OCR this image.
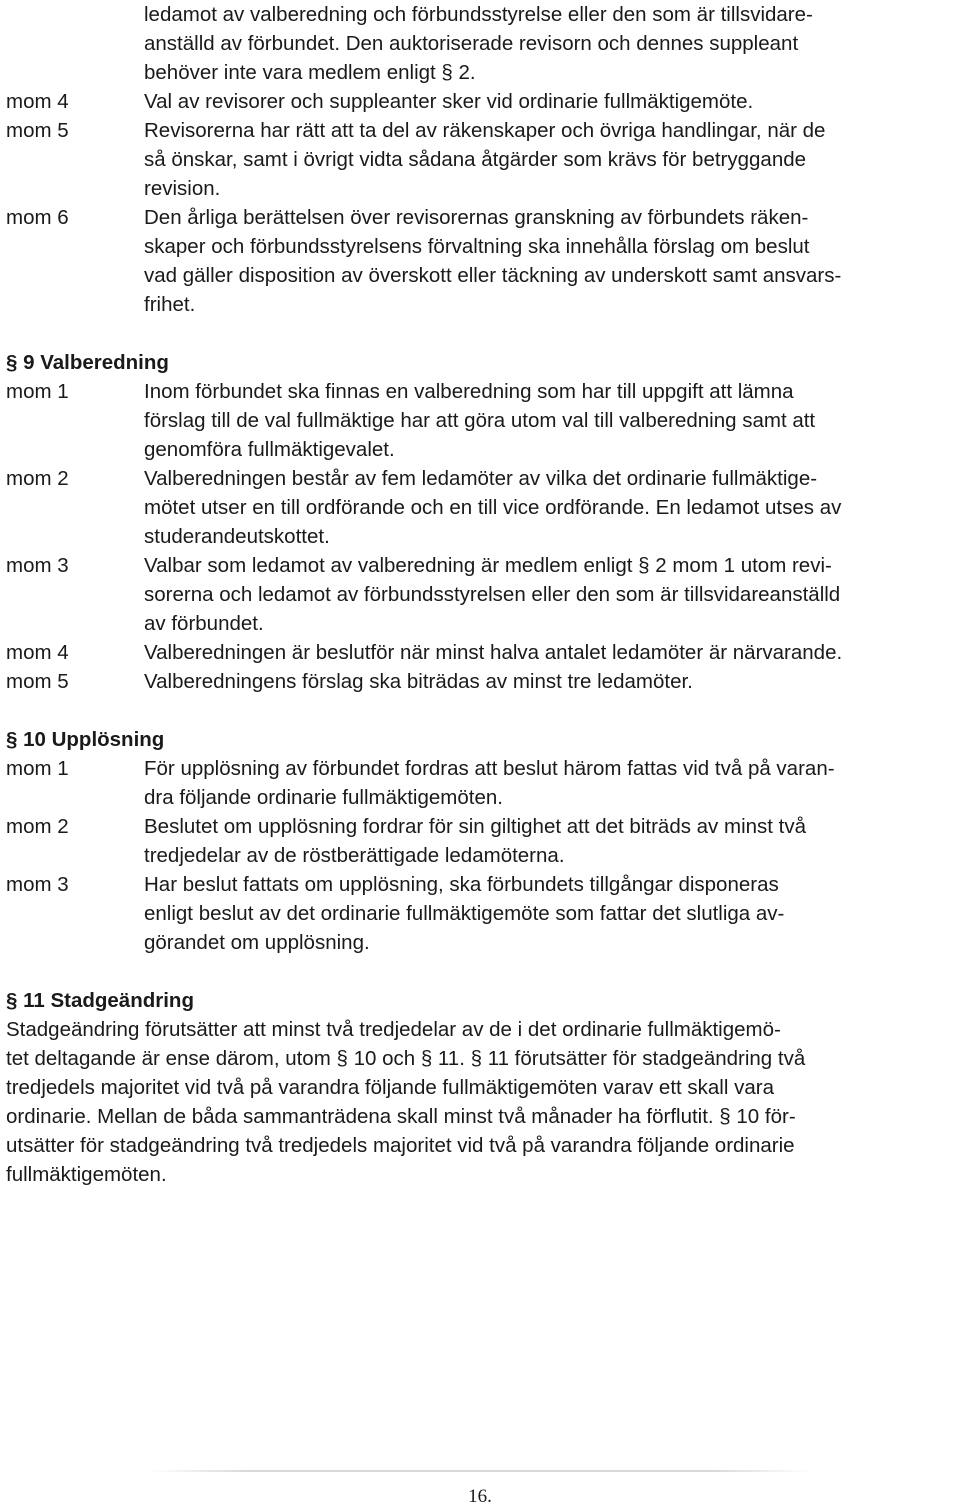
ledamot av valberedning och förbundsstyrelse eller den som är tillsvidare-
anställd av förbundet. Den auktoriserade revisorn och dennes suppleant
behöver inte vara medlem enligt § 2.
mom 4	Val av revisorer och suppleanter sker vid ordinarie fullmäktigemöte.
mom 5	Revisorerna har rätt att ta del av räkenskaper och övriga handlingar, när de
så önskar, samt i övrigt vidta sådana åtgärder som krävs för betryggande
revision.
mom 6	Den årliga berättelsen över revisorernas granskning av förbundets räken-
skaper och förbundsstyrelsens förvaltning ska innehålla förslag om beslut
vad gäller disposition av överskott eller täckning av underskott samt ansvars-
frihet.
§ 9 Valberedning
mom 1	Inom förbundet ska finnas en valberedning som har till uppgift att lämna
förslag till de val fullmäktige har att göra utom val till valberedning samt att
genomföra fullmäktigevalet.
mom 2	Valberedningen består av fem ledamöter av vilka det ordinarie fullmäktige-
mötet utser en till ordförande och en till vice ordförande. En ledamot utses av
studerandeutskottet.
mom 3	Valbar som ledamot av valberedning är medlem enligt § 2 mom 1 utom revi-
sorerna och ledamot av förbundsstyrelsen eller den som är tillsvidareanställd
av förbundet.
mom 4	Valberedningen är beslutför när minst halva antalet ledamöter är närvarande.
mom 5	Valberedningens förslag ska biträdas av minst tre ledamöter.
§ 10 Upplösning
mom 1	För upplösning av förbundet fordras att beslut härom fattas vid två på varan-
dra följande ordinarie fullmäktigemöten.
mom 2	Beslutet om upplösning fordrar för sin giltighet att det biträds av minst två
tredjedelar av de röstberättigade ledamöterna.
mom 3	Har beslut fattats om upplösning, ska förbundets tillgångar disponeras
enligt beslut av det ordinarie fullmäktigemöte som fattar det slutliga av-
görandet om upplösning.
§ 11 Stadgeändring
Stadgeändring förutsätter att minst två tredjedelar av de i det ordinarie fullmäktigemö-
tet deltagande är ense därom, utom § 10 och § 11. § 11 förutsätter för stadgeändring två
tredjedels majoritet vid två på varandra följande fullmäktigemöten varav ett skall vara
ordinarie. Mellan de båda sammanträdena skall minst två månader ha förflutit. § 10 för-
utsätter för stadgeändring två tredjedels majoritet vid två på varandra följande ordinarie
fullmäktigemöten.
16.
